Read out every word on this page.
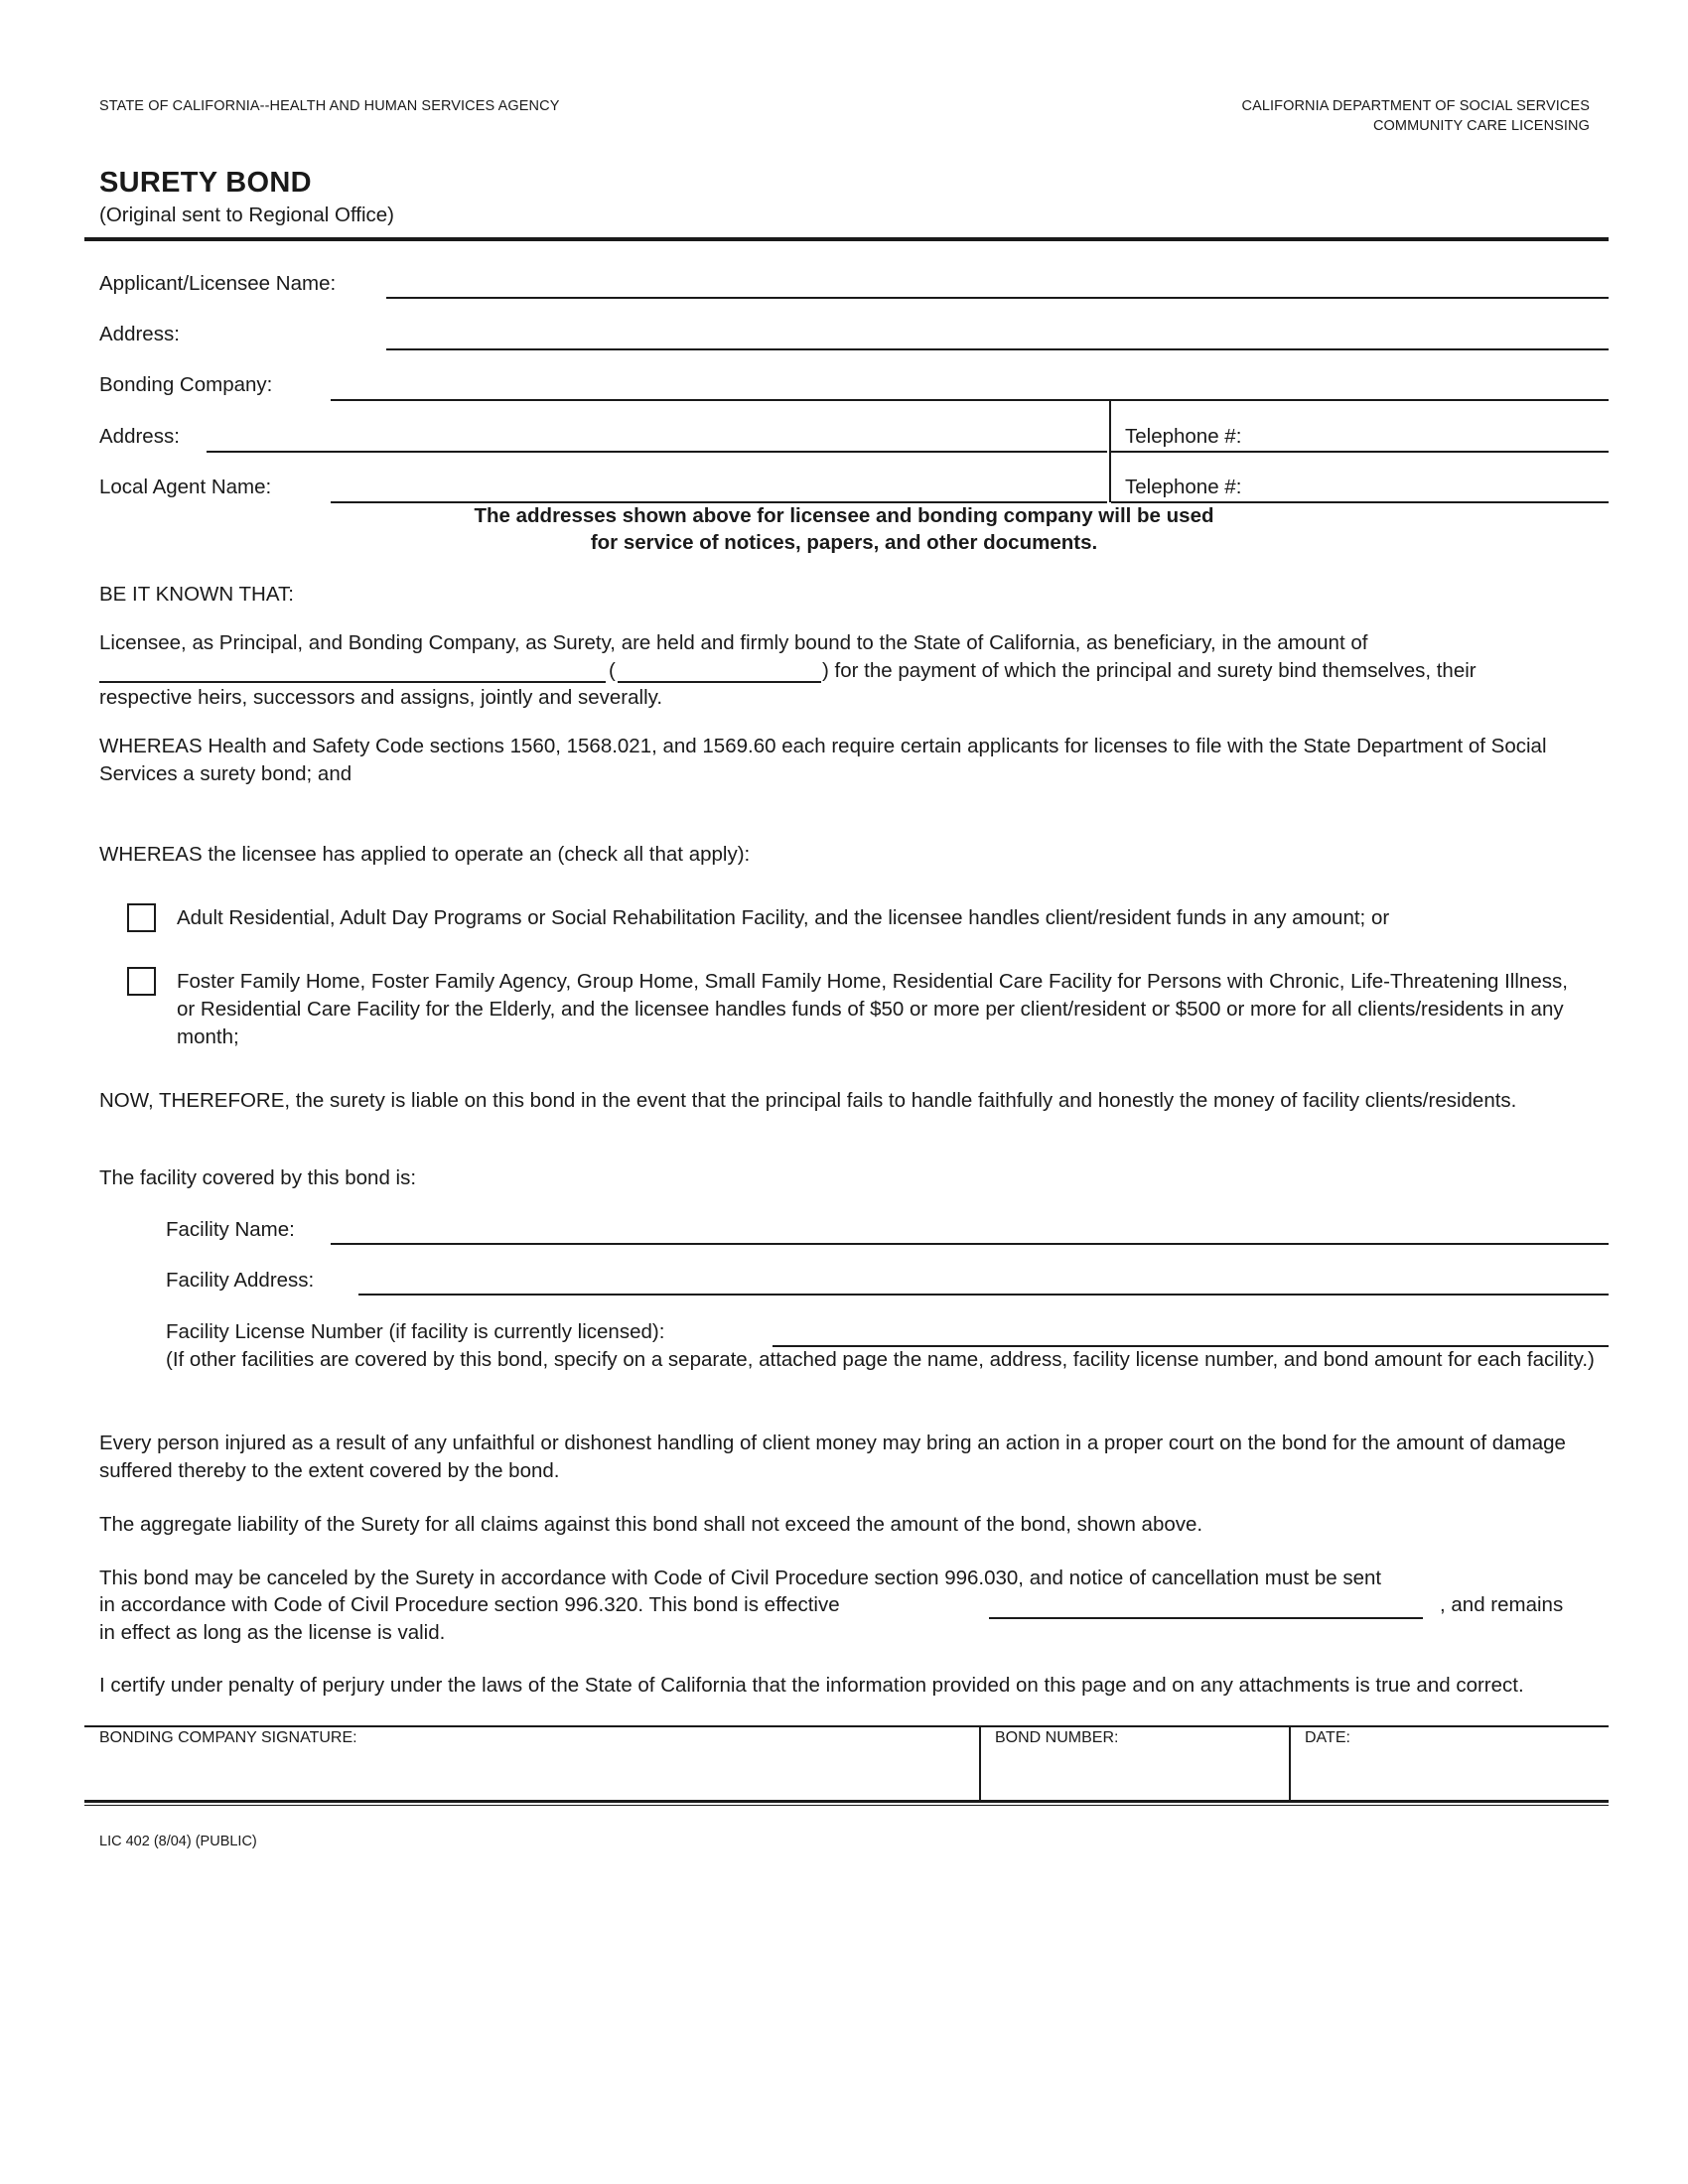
STATE OF CALIFORNIA--HEALTH AND HUMAN SERVICES AGENCY	CALIFORNIA DEPARTMENT OF SOCIAL SERVICES
COMMUNITY CARE LICENSING
SURETY BOND
(Original sent to Regional Office)
Applicant/Licensee Name:
Address:
Bonding Company:
Address:	Telephone #:
Local Agent Name:	Telephone #:
The addresses shown above for licensee and bonding company will be used
for service of notices, papers, and other documents.
BE IT KNOWN THAT:
Licensee, as Principal, and Bonding Company, as Surety, are held and firmly bound to the State of California, as beneficiary, in the amount of
(	) for the payment of which the principal and surety bind themselves, their
respective heirs, successors and assigns, jointly and severally.
WHEREAS Health and Safety Code sections 1560, 1568.021, and 1569.60 each require certain applicants for licenses to file with the State Department of Social Services a surety bond; and
WHEREAS the licensee has applied to operate an (check all that apply):
Adult Residential, Adult Day Programs or Social Rehabilitation Facility, and the licensee handles client/resident funds in any amount; or
Foster Family Home, Foster Family Agency, Group Home, Small Family Home, Residential Care Facility for Persons with Chronic, Life-Threatening Illness, or Residential Care Facility for the Elderly, and the licensee handles funds of $50 or more per client/resident or $500 or more for all clients/residents in any month;
NOW, THEREFORE, the surety is liable on this bond in the event that the principal fails to handle faithfully and honestly the money of facility clients/residents.
The facility covered by this bond is:
Facility Name:
Facility Address:
Facility License Number (if facility is currently licensed):
(If other facilities are covered by this bond, specify on a separate, attached page the name, address, facility license number, and bond amount for each facility.)
Every person injured as a result of any unfaithful or dishonest handling of client money may bring an action in a proper court on the bond for the amount of damage suffered thereby to the extent covered by the bond.
The aggregate liability of the Surety for all claims against this bond shall not exceed the amount of the bond, shown above.
This bond may be canceled by the Surety in accordance with Code of Civil Procedure section 996.030, and notice of cancellation must be sent
in accordance with Code of Civil Procedure section 996.320. This bond is effective	, and remains
in effect as long as the license is valid.
I certify under penalty of perjury under the laws of the State of California that the information provided on this page and on any attachments is true and correct.
BONDING COMPANY SIGNATURE:	BOND NUMBER:	DATE:
LIC 402 (8/04) (PUBLIC)
